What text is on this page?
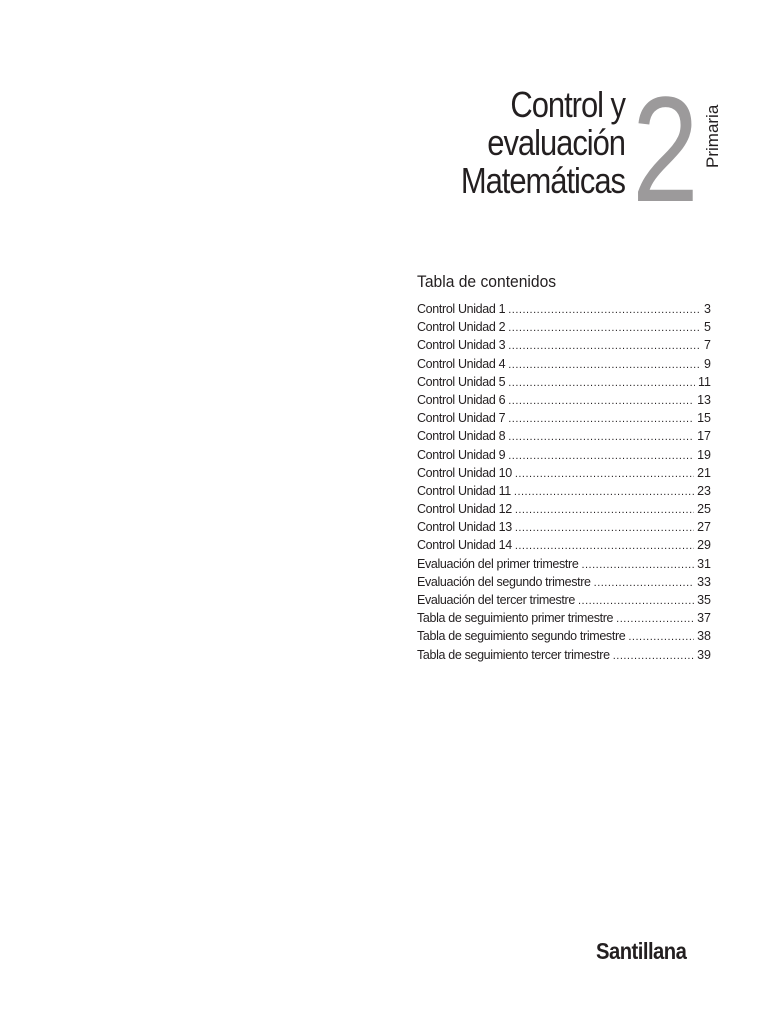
Control y
evaluación
Matemáticas 2 Primaria
Tabla de contenidos
Control Unidad 1 .....	3
Control Unidad 2 .....	5
Control Unidad 3 .....	7
Control Unidad 4 .....	9
Control Unidad 5 .....	11
Control Unidad 6 .....	13
Control Unidad 7 .....	15
Control Unidad 8 .....	17
Control Unidad 9 .....	19
Control Unidad 10 .....	21
Control Unidad 11 .....	23
Control Unidad 12 .....	25
Control Unidad 13 .....	27
Control Unidad 14 .....	29
Evaluación del primer trimestre .....	31
Evaluación del segundo trimestre .....	33
Evaluación del tercer trimestre .....	35
Tabla de seguimiento primer trimestre .....	37
Tabla de seguimiento segundo trimestre .....	38
Tabla de seguimiento tercer trimestre .....	39
Santillana
